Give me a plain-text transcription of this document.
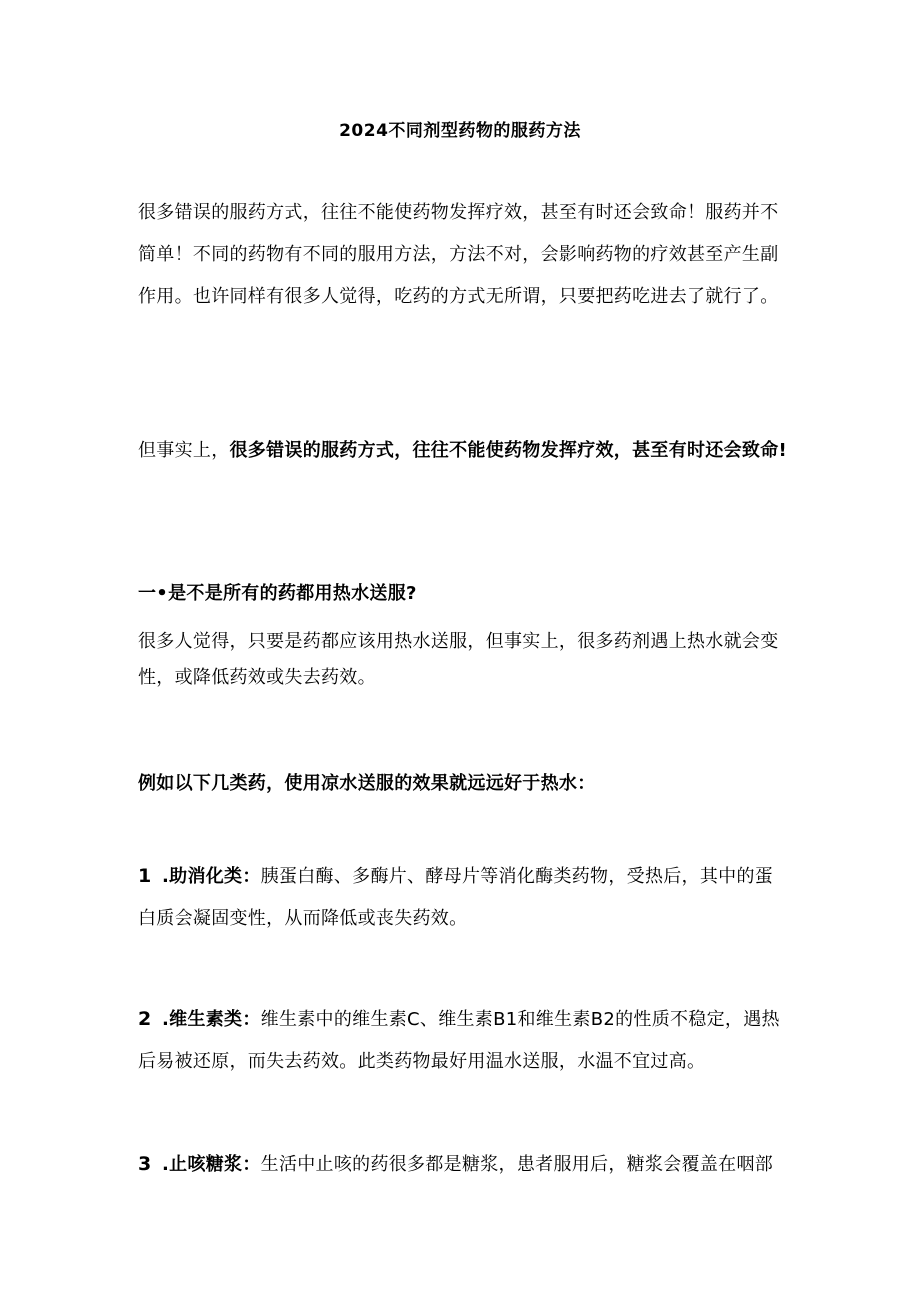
2024不同剂型药物的服药方法
很多错误的服药方式，往往不能使药物发挥疗效，甚至有时还会致命！服药并不简单！不同的药物有不同的服用方法，方法不对，会影响药物的疗效甚至产生副作用。也许同样有很多人觉得，吃药的方式无所谓，只要把药吃进去了就行了。
但事实上，很多错误的服药方式，往往不能使药物发挥疗效，甚至有时还会致命!
一•是不是所有的药都用热水送服?
很多人觉得，只要是药都应该用热水送服，但事实上，很多药剂遇上热水就会变性，或降低药效或失去药效。
例如以下几类药，使用凉水送服的效果就远远好于热水：
1 .助消化类：胰蛋白酶、多酶片、酵母片等消化酶类药物，受热后，其中的蛋白质会凝固变性，从而降低或丧失药效。
2 .维生素类：维生素中的维生素C、维生素B1和维生素B2的性质不稳定，遇热后易被还原，而失去药效。此类药物最好用温水送服，水温不宜过高。
3 .止咳糖浆：生活中止咳的药很多都是糖浆，患者服用后，糖浆会覆盖在咽部
